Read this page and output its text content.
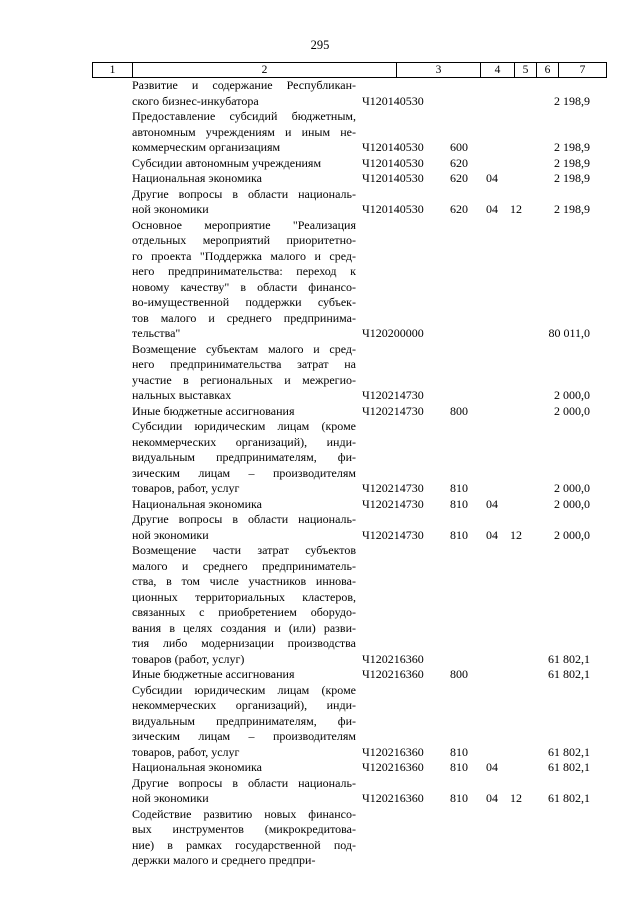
295
1	2	3	4	5	6	7
Развитие и содержание Республикан-
ского бизнес-инкубатора	Ч120140530	2 198,9
Предоставление субсидий бюджетным,
автономным учреждениям и иным не-
коммерческим организациям	Ч120140530	600	2 198,9
Субсидии автономным учреждениям	Ч120140530	620	2 198,9
Национальная экономика	Ч120140530	620	04	2 198,9
Другие вопросы в области националь-
ной экономики	Ч120140530	620	04	12	2 198,9
Основное мероприятие "Реализация
отдельных мероприятий приоритетно-
го проекта "Поддержка малого и сред-
него предпринимательства: переход к
новому качеству" в области финансо-
во-имущественной поддержки субъек-
тов малого и среднего предпринима-
тельства"	Ч120200000	80 011,0
Возмещение субъектам малого и сред-
него предпринимательства затрат на
участие в региональных и межрегио-
нальных выставках	Ч120214730	2 000,0
Иные бюджетные ассигнования	Ч120214730	800	2 000,0
Субсидии юридическим лицам (кроме
некоммерческих организаций), инди-
видуальным предпринимателям, фи-
зическим лицам – производителям
товаров, работ, услуг	Ч120214730	810	2 000,0
Национальная экономика	Ч120214730	810	04	2 000,0
Другие вопросы в области националь-
ной экономики	Ч120214730	810	04	12	2 000,0
Возмещение части затрат субъектов
малого и среднего предприниматель-
ства, в том числе участников иннова-
ционных территориальных кластеров,
связанных с приобретением оборудо-
вания в целях создания и (или) разви-
тия либо модернизации производства
товаров (работ, услуг)	Ч120216360	61 802,1
Иные бюджетные ассигнования	Ч120216360	800	61 802,1
Субсидии юридическим лицам (кроме
некоммерческих организаций), инди-
видуальным предпринимателям, фи-
зическим лицам – производителям
товаров, работ, услуг	Ч120216360	810	61 802,1
Национальная экономика	Ч120216360	810	04	61 802,1
Другие вопросы в области националь-
ной экономики	Ч120216360	810	04	12	61 802,1
Содействие развитию новых финансо-
вых инструментов (микрокредитова-
ние) в рамках государственной под-
держки малого и среднего предпри-
